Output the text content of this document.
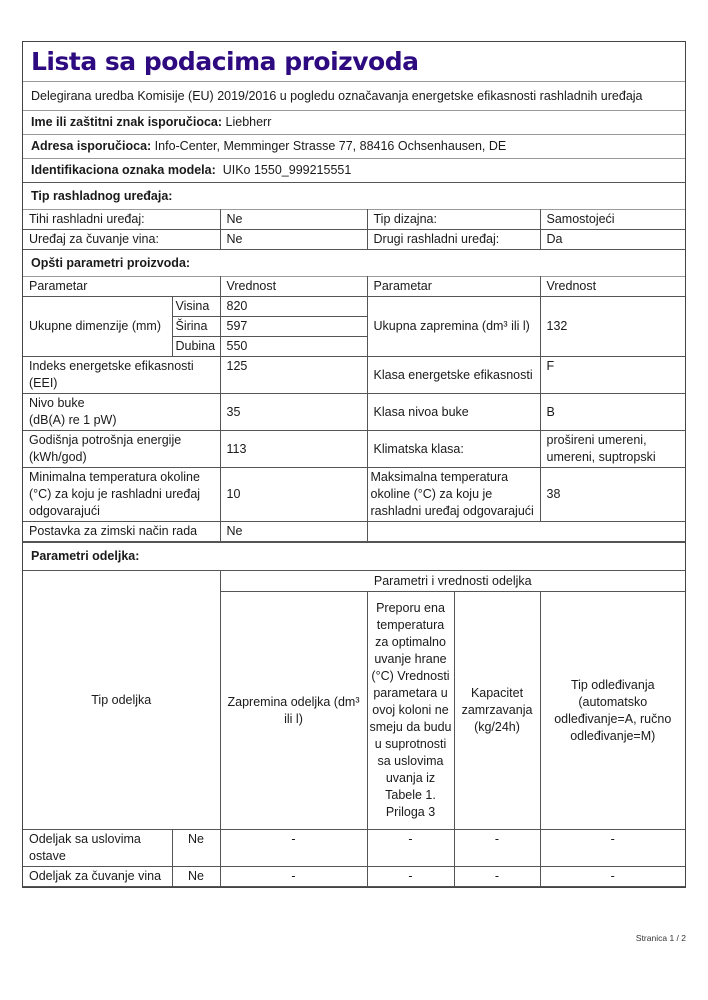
Lista sa podacima proizvoda
Delegirana uredba Komisije (EU) 2019/2016 u pogledu označavanja energetske efikasnosti rashladnih uređaja
Ime ili zaštitni znak isporučioca: Liebherr
Adresa isporučioca: Info-Center, Memminger Strasse 77, 88416 Ochsenhausen, DE
Identifikaciona oznaka modela: UIKo 1550_999215551
Tip rashladnog uređaja:
Tihi rashladni uređaj:	Ne	Tip dizajna:	Samostojeći
Uređaj za čuvanje vina:	Ne	Drugi rashladni uređaj:	Da
Opšti parametri proizvoda:
Parametar		Vrednost	Parametar	Vrednost
Ukupne dimenzije (mm)	Visina	820	Ukupna zapremina (dm³ ili l)	132
	Širina	597		
	Dubina	550		
Indeks energetske efikasnosti (EEI)		125	Klasa energetske efikasnosti	F

Nivo buke
(dB(A) re 1 pW)		35	Klasa nivoa buke	B
Godišnja potrošnja energije (kWh/god)		113	Klimatska klasa:	prošireni umereni, umereni, suptropski
Minimalna temperatura okoline (°C) za koju je rashladni uređaj odgovarajući		10	Maksimalna temperatura okoline (°C) za koju je rashladni uređaj odgovarajući	38
Postavka za zimski način rada		Ne		
Parametri odeljka:
Tip odeljka		Parametri i vrednosti odeljka			
		Zapremina odeljka (dm³ ili l)	Preporu ena temperatura za optimalno uvanje hrane (°C) Vrednosti parametara u ovoj koloni ne smeju da budu u suprotnosti sa uslovima uvanja iz Tabele 1. Priloga 3	Kapacitet zamrzavanja (kg/24h)	Tip odleđivanja (automatsko odleđivanje=A, ručno odleđivanje=M)
Odeljak sa uslovima ostave	Ne	-	-	-	-
Odeljak za čuvanje vina	Ne	-	-	-	-
Stranica 1 / 2
